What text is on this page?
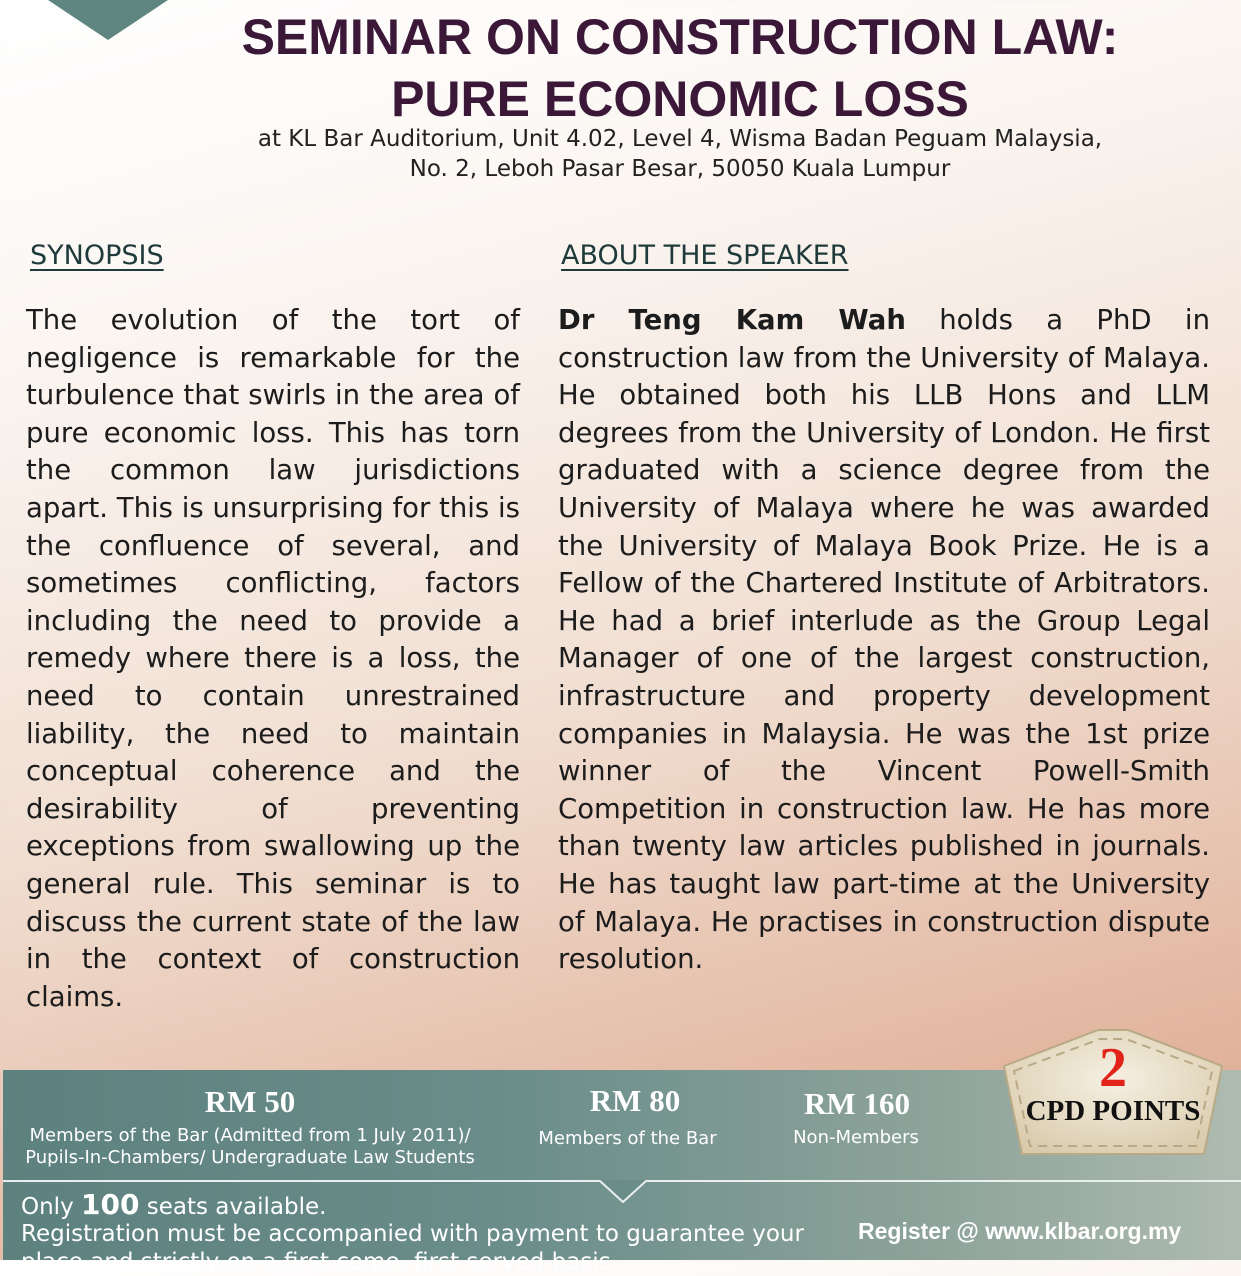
SEMINAR ON CONSTRUCTION LAW:
PURE ECONOMIC LOSS
at KL Bar Auditorium, Unit 4.02, Level 4, Wisma Badan Peguam Malaysia,
No. 2, Leboh Pasar Besar, 50050 Kuala Lumpur
SYNOPSIS	ABOUT THE SPEAKER
The evolution of the tort of negligence is remarkable for the turbulence that swirls in the area of pure economic loss. This has torn the common law jurisdictions apart. This is unsurprising for this is the confluence of several, and sometimes conflicting, factors including the need to provide a remedy where there is a loss, the need to contain unrestrained liability, the need to maintain conceptual coherence and the desirability of preventing exceptions from swallowing up the general rule. This seminar is to discuss the current state of the law in the context of construction claims.
Dr Teng Kam Wah holds a PhD in construction law from the University of Malaya. He obtained both his LLB Hons and LLM degrees from the University of London. He first graduated with a science degree from the University of Malaya where he was awarded the University of Malaya Book Prize. He is a Fellow of the Chartered Institute of Arbitrators. He had a brief interlude as the Group Legal Manager of one of the largest construction, infrastructure and property development companies in Malaysia. He was the 1st prize winner of the Vincent Powell-Smith Competition in construction law. He has more than twenty law articles published in journals. He has taught law part-time at the University of Malaya. He practises in construction dispute resolution.
RM 50
Members of the Bar (Admitted from 1 July 2011)/
Pupils-In-Chambers/ Undergraduate Law Students
RM 80
Members of the Bar
RM 160
Non-Members
2
CPD POINTS
Only 100 seats available.
Registration must be accompanied with payment to guarantee your place and strictly on a first come, first served basis.
Register @ www.klbar.org.my
